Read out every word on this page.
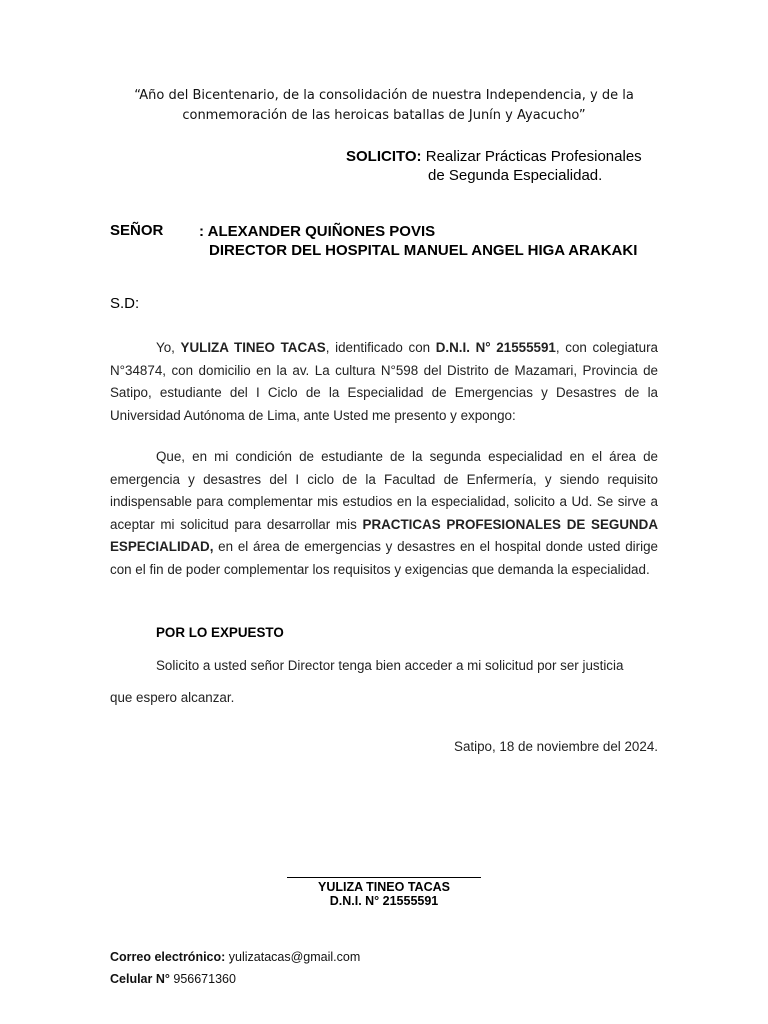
“Año del Bicentenario, de la consolidación de nuestra Independencia, y de la
conmemoración de las heroicas batallas de Junín y Ayacucho”
SOLICITO: Realizar Prácticas Profesionales
de Segunda Especialidad.
SEÑOR : ALEXANDER QUIÑONES POVIS
DIRECTOR DEL HOSPITAL MANUEL ANGEL HIGA ARAKAKI
S.D:
Yo, YULIZA TINEO TACAS, identificado con D.N.I. N° 21555591, con colegiatura N°34874, con domicilio en la av. La cultura N°598 del Distrito de Mazamari, Provincia de Satipo, estudiante del I Ciclo de la Especialidad de Emergencias y Desastres de la Universidad Autónoma de Lima, ante Usted me presento y expongo:
Que, en mi condición de estudiante de la segunda especialidad en el área de emergencia y desastres del I ciclo de la Facultad de Enfermería, y siendo requisito indispensable para complementar mis estudios en la especialidad, solicito a Ud. Se sirve a aceptar mi solicitud para desarrollar mis PRACTICAS PROFESIONALES DE SEGUNDA ESPECIALIDAD, en el área de emergencias y desastres en el hospital donde usted dirige con el fin de poder complementar los requisitos y exigencias que demanda la especialidad.
POR LO EXPUESTO
Solicito a usted señor Director tenga bien acceder a mi solicitud por ser justicia
que espero alcanzar.
Satipo, 18 de noviembre del 2024.
YULIZA TINEO TACAS
D.N.I. N° 21555591
Correo electrónico: yulizatacas@gmail.com
Celular N° 956671360
